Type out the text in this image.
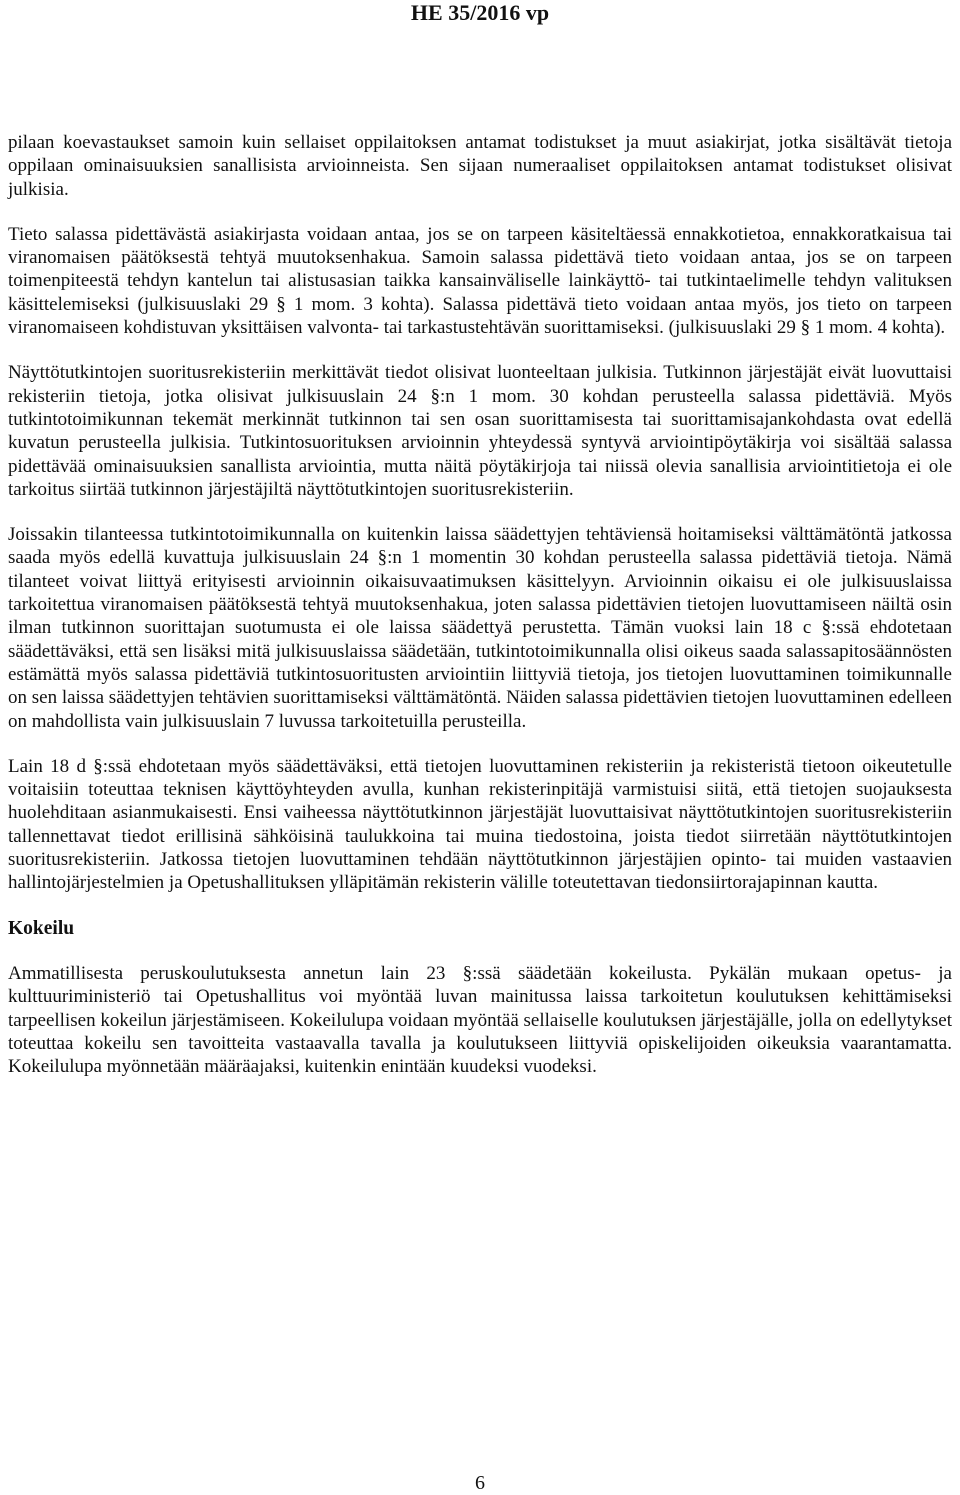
HE 35/2016 vp

pilaan koevastaukset samoin kuin sellaiset oppilaitoksen antamat todistukset ja muut asiakirjat, jotka sisältävät tietoja oppilaan ominaisuuksien sanallisista arvioinneista. Sen sijaan numeraaliset oppilaitoksen antamat todistukset olisivat julkisia.

Tieto salassa pidettävästä asiakirjasta voidaan antaa, jos se on tarpeen käsiteltäessä ennakkotietoa, ennakkoratkaisua tai viranomaisen päätöksestä tehtyä muutoksenhakua. Samoin salassa pidettävä tieto voidaan antaa, jos se on tarpeen toimenpiteestä tehdyn kantelun tai alistusasian taikka kansainväliselle lainkäyttö- tai tutkintaelimelle tehdyn valituksen käsittelemiseksi (julkisuuslaki 29 § 1 mom. 3 kohta). Salassa pidettävä tieto voidaan antaa myös, jos tieto on tarpeen viranomaiseen kohdistuvan yksittäisen valvonta- tai tarkastustehtävän suorittamiseksi. (julkisuuslaki 29 § 1 mom. 4 kohta).

Näyttötutkintojen suoritusrekisteriin merkittävät tiedot olisivat luonteeltaan julkisia. Tutkinnon järjestäjät eivät luovuttaisi rekisteriin tietoja, jotka olisivat julkisuuslain 24 §:n 1 mom. 30 kohdan perusteella salassa pidettäviä. Myös tutkintotoimikunnan tekemät merkinnät tutkinnon tai sen osan suorittamisesta tai suorittamisajankohdasta ovat edellä kuvatun perusteella julkisia. Tutkintosuorituksen arvioinnin yhteydessä syntyvä arviointipöytäkirja voi sisältää salassa pidettävää ominaisuuksien sanallista arviointia, mutta näitä pöytäkirjoja tai niissä olevia sanallisia arviointitietoja ei ole tarkoitus siirtää tutkinnon järjestäjiltä näyttötutkintojen suoritusrekisteriin.

Joissakin tilanteessa tutkintotoimikunnalla on kuitenkin laissa säädettyjen tehtäviensä hoitamiseksi välttämätöntä jatkossa saada myös edellä kuvattuja julkisuuslain 24 §:n 1 momentin 30 kohdan perusteella salassa pidettäviä tietoja. Nämä tilanteet voivat liittyä erityisesti arvioinnin oikaisuvaatimuksen käsittelyyn. Arvioinnin oikaisu ei ole julkisuuslaissa tarkoitettua viranomaisen päätöksestä tehtyä muutoksenhakua, joten salassa pidettävien tietojen luovuttamiseen näiltä osin ilman tutkinnon suorittajan suotumusta ei ole laissa säädettyä perustetta. Tämän vuoksi lain 18 c §:ssä ehdotetaan säädettäväksi, että sen lisäksi mitä julkisuuslaissa säädetään, tutkintotoimikunnalla olisi oikeus saada salassapitosäännösten estämättä myös salassa pidettäviä tutkintosuoritusten arviointiin liittyviä tietoja, jos tietojen luovuttaminen toimikunnalle on sen laissa säädettyjen tehtävien suorittamiseksi välttämätöntä. Näiden salassa pidettävien tietojen luovuttaminen edelleen on mahdollista vain julkisuuslain 7 luvussa tarkoitetuilla perusteilla.

Lain 18 d §:ssä ehdotetaan myös säädettäväksi, että tietojen luovuttaminen rekisteriin ja rekisteristä tietoon oikeutetulle voitaisiin toteuttaa teknisen käyttöyhteyden avulla, kunhan rekisterinpitäjä varmistuisi siitä, että tietojen suojauksesta huolehditaan asianmukaisesti. Ensi vaiheessa näyttötutkinnon järjestäjät luovuttaisivat näyttötutkintojen suoritusrekisteriin tallennettavat tiedot erillisinä sähköisinä taulukkoina tai muina tiedostoina, joista tiedot siirretään näyttötutkintojen suoritusrekisteriin. Jatkossa tietojen luovuttaminen tehdään näyttötutkinnon järjestäjien opinto- tai muiden vastaavien hallintojärjestelmien ja Opetushallituksen ylläpitämän rekisterin välille toteutettavan tiedonsiirtorajapinnan kautta.

Kokeilu

Ammatillisesta peruskoulutuksesta annetun lain 23 §:ssä säädetään kokeilusta. Pykälän mukaan opetus- ja kulttuuriministeriö tai Opetushallitus voi myöntää luvan mainitussa laissa tarkoitetun koulutuksen kehittämiseksi tarpeellisen kokeilun järjestämiseen. Kokeilulupa voidaan myöntää sellaiselle koulutuksen järjestäjälle, jolla on edellytykset toteuttaa kokeilu sen tavoitteita vastaavalla tavalla ja koulutukseen liittyviä opiskelijoiden oikeuksia vaarantamatta. Kokeilulupa myönnetään määräajaksi, kuitenkin enintään kuudeksi vuodeksi.

6
